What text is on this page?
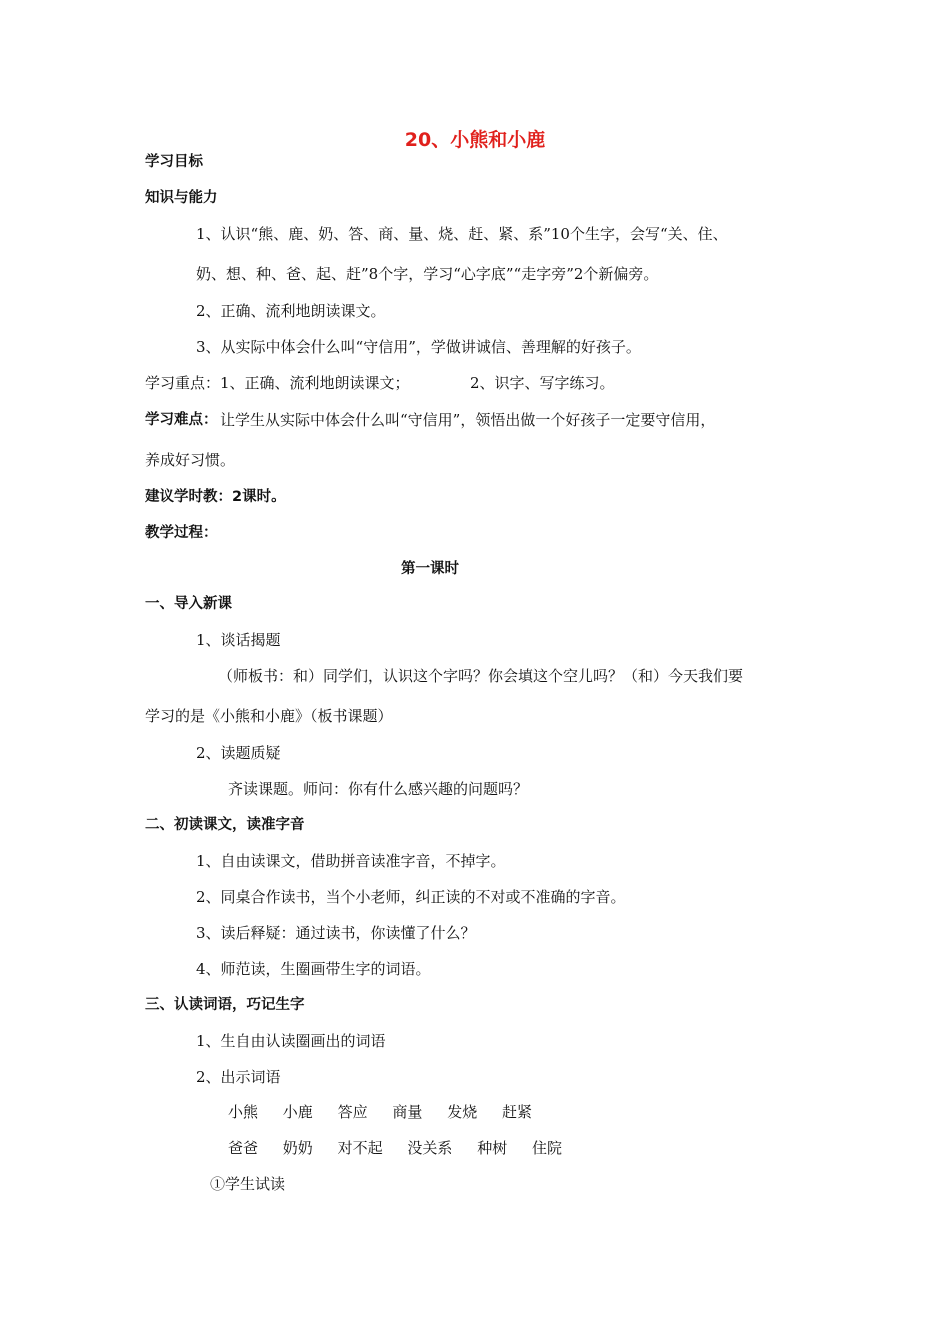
20、小熊和小鹿
学习目标
知识与能力
1、认识“熊、鹿、奶、答、商、量、烧、赶、紧、系”10个生字，会写“关、住、
奶、想、种、爸、起、赶”8个字，学习“心字底”“走字旁”2个新偏旁。
2、正确、流利地朗读课文。
3、从实际中体会什么叫“守信用”，学做讲诚信、善理解的好孩子。
学习重点： 1、正确、流利地朗读课文；	2、识字、写字练习。
学习难点： 让学生从实际中体会什么叫“守信用”，领悟出做一个好孩子一定要守信用，
养成好习惯。
建议学时教：2课时。
教学过程：
第一课时
一、导入新课
1、谈话揭题
（师板书：和）同学们，认识这个字吗？你会填这个空儿吗？（和）今天我们要
学习的是《小熊和小鹿》（板书课题）
2、读题质疑
齐读课题。师问：你有什么感兴趣的问题吗？
二、初读课文，读准字音
1、自由读课文，借助拼音读准字音，不掉字。
2、同桌合作读书，当个小老师，纠正读的不对或不准确的字音。
3、读后释疑：通过读书，你读懂了什么？
4、师范读，生圈画带生字的词语。
三、认读词语，巧记生字
1、生自由认读圈画出的词语
2、出示词语
小熊 小鹿 答应 商量 发烧 赶紧
爸爸 奶奶 对不起 没关系 种树 住院
①学生试读
